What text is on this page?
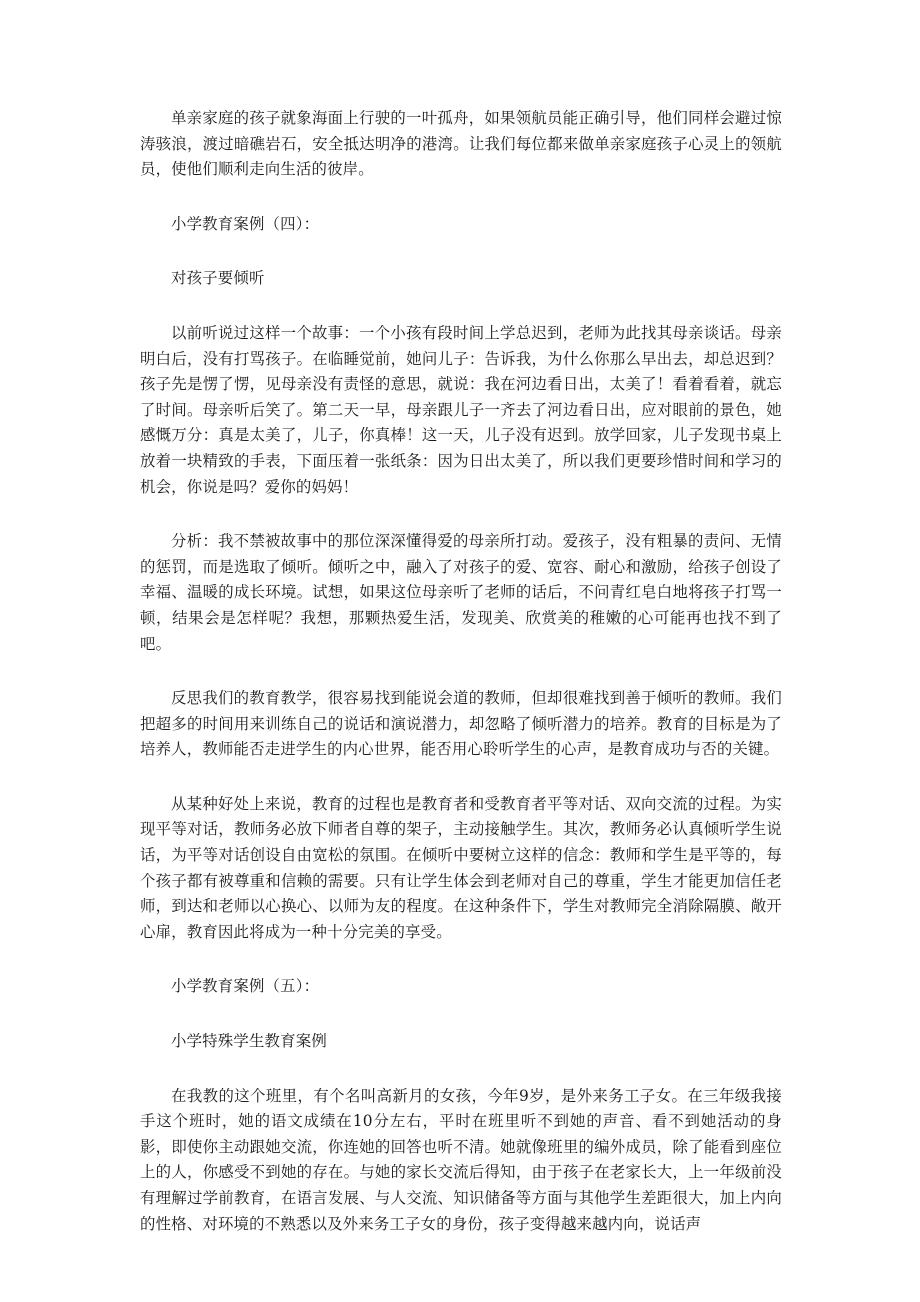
单亲家庭的孩子就象海面上行驶的一叶孤舟，如果领航员能正确引导，他们同样会避过惊涛骇浪，渡过暗礁岩石，安全抵达明净的港湾。让我们每位都来做单亲家庭孩子心灵上的领航员，使他们顺利走向生活的彼岸。

小学教育案例（四）：

对孩子要倾听

以前听说过这样一个故事：一个小孩有段时间上学总迟到，老师为此找其母亲谈话。母亲明白后，没有打骂孩子。在临睡觉前，她问儿子：告诉我，为什么你那么早出去，却总迟到？孩子先是愣了愣，见母亲没有责怪的意思，就说：我在河边看日出，太美了！看着看着，就忘了时间。母亲听后笑了。第二天一早，母亲跟儿子一齐去了河边看日出，应对眼前的景色，她感慨万分：真是太美了，儿子，你真棒！这一天，儿子没有迟到。放学回家，儿子发现书桌上放着一块精致的手表，下面压着一张纸条：因为日出太美了，所以我们更要珍惜时间和学习的机会，你说是吗？爱你的妈妈！

分析：我不禁被故事中的那位深深懂得爱的母亲所打动。爱孩子，没有粗暴的责问、无情的惩罚，而是选取了倾听。倾听之中，融入了对孩子的爱、宽容、耐心和激励，给孩子创设了幸福、温暖的成长环境。试想，如果这位母亲听了老师的话后，不问青红皂白地将孩子打骂一顿，结果会是怎样呢？我想，那颗热爱生活，发现美、欣赏美的稚嫩的心可能再也找不到了吧。

反思我们的教育教学，很容易找到能说会道的教师，但却很难找到善于倾听的教师。我们把超多的时间用来训练自己的说话和演说潜力，却忽略了倾听潜力的培养。教育的目标是为了培养人，教师能否走进学生的内心世界，能否用心聆听学生的心声，是教育成功与否的关键。

从某种好处上来说，教育的过程也是教育者和受教育者平等对话、双向交流的过程。为实现平等对话，教师务必放下师者自尊的架子，主动接触学生。其次，教师务必认真倾听学生说话，为平等对话创设自由宽松的氛围。在倾听中要树立这样的信念：教师和学生是平等的，每个孩子都有被尊重和信赖的需要。只有让学生体会到老师对自己的尊重，学生才能更加信任老师，到达和老师以心换心、以师为友的程度。在这种条件下，学生对教师完全消除隔膜、敞开心扉，教育因此将成为一种十分完美的享受。

小学教育案例（五）：

小学特殊学生教育案例

在我教的这个班里，有个名叫高新月的女孩，今年9岁，是外来务工子女。在三年级我接手这个班时，她的语文成绩在10分左右，平时在班里听不到她的声音、看不到她活动的身影，即使你主动跟她交流，你连她的回答也听不清。她就像班里的编外成员，除了能看到座位上的人，你感受不到她的存在。与她的家长交流后得知，由于孩子在老家长大，上一年级前没有理解过学前教育，在语言发展、与人交流、知识储备等方面与其他学生差距很大，加上内向的性格、对环境的不熟悉以及外来务工子女的身份，孩子变得越来越内向，说话声
